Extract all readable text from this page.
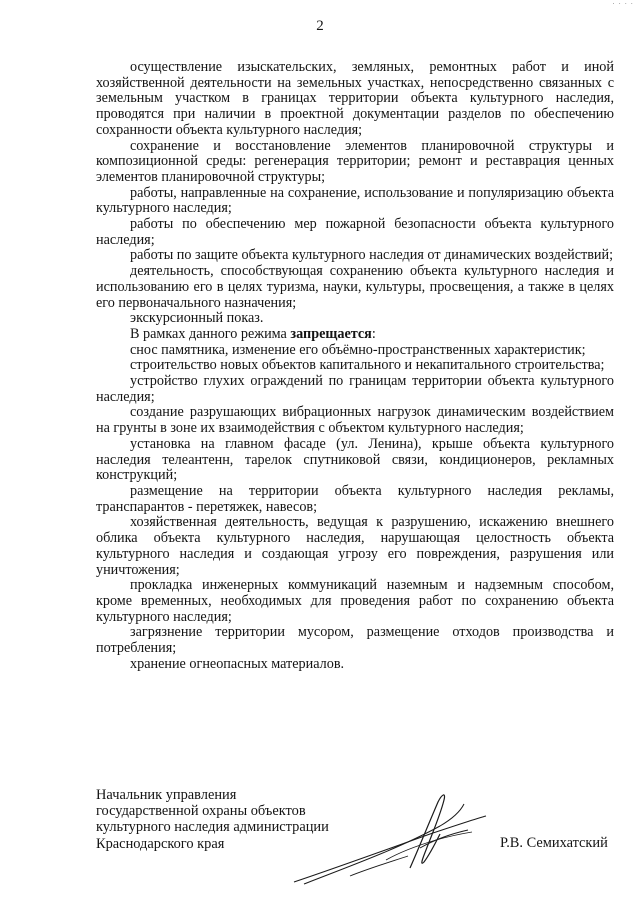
· · · ·
2

осуществление изыскательских, земляных, ремонтных работ и иной хозяйственной деятельности на земельных участках, непосредственно связанных с земельным участком в границах территории объекта культурного наследия, проводятся при наличии в проектной документации разделов по обеспечению сохранности объекта культурного наследия;

сохранение и восстановление элементов планировочной структуры и композиционной среды: регенерация территории; ремонт и реставрация ценных элементов планировочной структуры;

работы, направленные на сохранение, использование и популяризацию объекта культурного наследия;

работы по обеспечению мер пожарной безопасности объекта культурного наследия;

работы по защите объекта культурного наследия от динамических воздействий;

деятельность, способствующая сохранению объекта культурного наследия и использованию его в целях туризма, науки, культуры, просвещения, а также в целях его первоначального назначения;

экскурсионный показ.

В рамках данного режима запрещается:

снос памятника, изменение его объёмно-пространственных характеристик;

строительство новых объектов капитального и некапитального строительства;

устройство глухих ограждений по границам территории объекта культурного наследия;

создание разрушающих вибрационных нагрузок динамическим воздействием на грунты в зоне их взаимодействия с объектом культурного наследия;

установка на главном фасаде (ул. Ленина), крыше объекта культурного наследия телеантенн, тарелок спутниковой связи, кондиционеров, рекламных конструкций;

размещение на территории объекта культурного наследия рекламы, транспарантов - перетяжек, навесов;

хозяйственная деятельность, ведущая к разрушению, искажению внешнего облика объекта культурного наследия, нарушающая целостность объекта культурного наследия и создающая угрозу его повреждения, разрушения или уничтожения;

прокладка инженерных коммуникаций наземным и надземным способом, кроме временных, необходимых для проведения работ по сохранению объекта культурного наследия;

загрязнение территории мусором, размещение отходов производства и потребления;

хранение огнеопасных материалов.

Начальник управления
государственной охраны объектов
культурного наследия администрации
Краснодарского края	Р.В. Семихатский
